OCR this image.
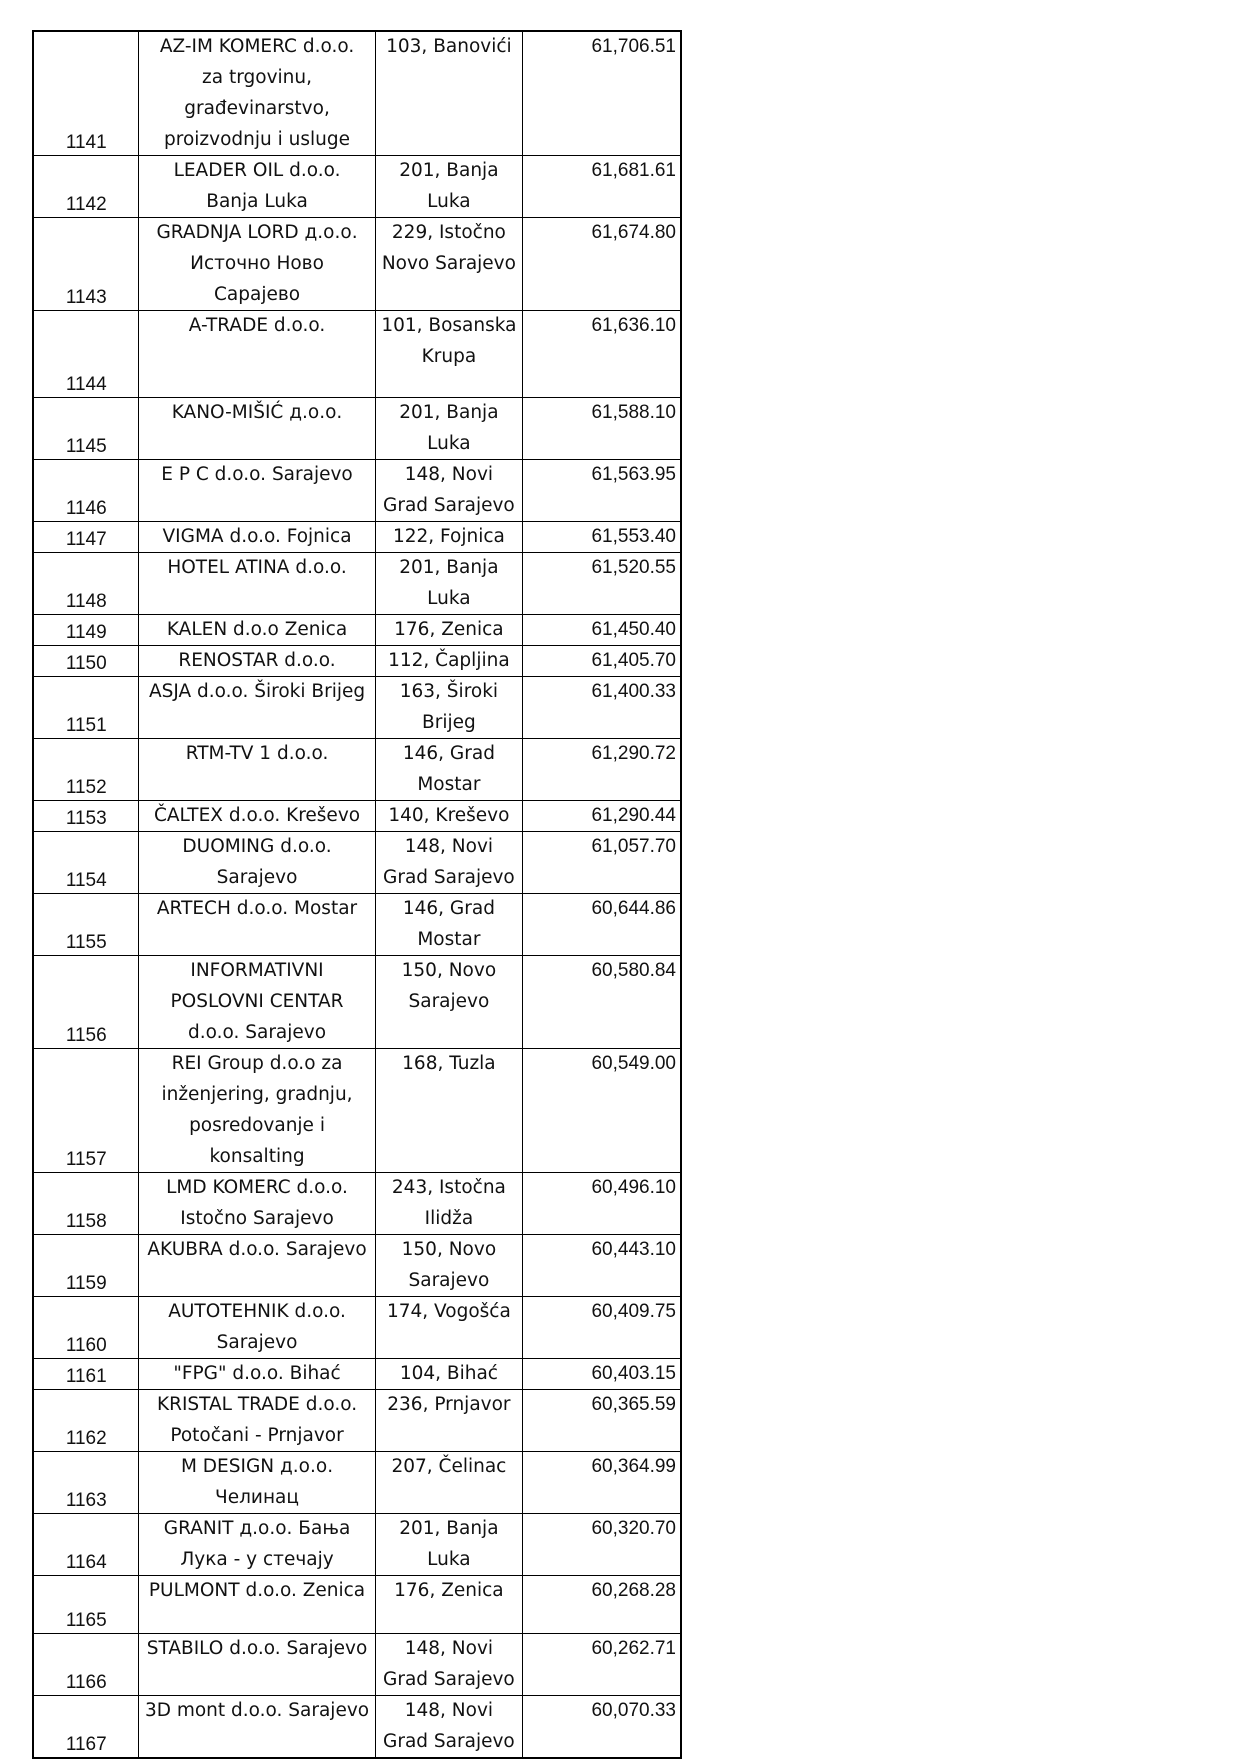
1141	AZ-IM KOMERC d.o.o.
za trgovinu,
građevinarstvo,
proizvodnju i usluge	103, Banovići	61,706.51

1142	LEADER OIL d.o.o.
Banja Luka	201, Banja
Luka	61,681.61

1143	GRADNJA LORD д.о.о.
Источно Ново
Сарајево	229, Istočno
Novo Sarajevo	61,674.80

1144	A-TRADE d.o.o.	101, Bosanska
Krupa	61,636.10

1145	KANO-MIŠIĆ д.о.о.	201, Banja
Luka	61,588.10

1146	E P C d.o.o. Sarajevo	148, Novi
Grad Sarajevo	61,563.95

1147	VIGMA d.o.o. Fojnica	122, Fojnica	61,553.40

1148	HOTEL ATINA d.o.o.	201, Banja
Luka	61,520.55

1149	KALEN d.o.o Zenica	176, Zenica	61,450.40

1150	RENOSTAR d.o.o.	112, Čapljina	61,405.70

1151	ASJA d.o.o. Široki Brijeg	163, Široki
Brijeg	61,400.33

1152	RTM-TV 1 d.o.o.	146, Grad
Mostar	61,290.72

1153	ČALTEX d.o.o. Kreševo	140, Kreševo	61,290.44

1154	DUOMING d.o.o.
Sarajevo	148, Novi
Grad Sarajevo	61,057.70

1155	ARTECH d.o.o. Mostar	146, Grad
Mostar	60,644.86

1156	INFORMATIVNI
POSLOVNI CENTAR
d.o.o. Sarajevo	150, Novo
Sarajevo	60,580.84

1157	REI Group d.o.o za
inženjering, gradnju,
posredovanje i
konsalting	168, Tuzla	60,549.00

1158	LMD KOMERC d.o.o.
Istočno Sarajevo	243, Istočna
Ilidža	60,496.10

1159	AKUBRA d.o.o. Sarajevo	150, Novo
Sarajevo	60,443.10

1160	AUTOTEHNIK d.o.o.
Sarajevo	174, Vogošća	60,409.75

1161	"FPG" d.o.o. Bihać	104, Bihać	60,403.15

1162	KRISTAL TRADE d.o.o.
Potočani - Prnjavor	236, Prnjavor	60,365.59

1163	M DESIGN д.о.о.
Челинац	207, Čelinac	60,364.99

1164	GRANIT д.о.о. Бања
Лука - у стечају	201, Banja
Luka	60,320.70

1165	PULMONT d.o.o. Zenica	176, Zenica	60,268.28

1166	STABILO d.o.o. Sarajevo	148, Novi
Grad Sarajevo	60,262.71

1167	3D mont d.o.o. Sarajevo	148, Novi
Grad Sarajevo	60,070.33
